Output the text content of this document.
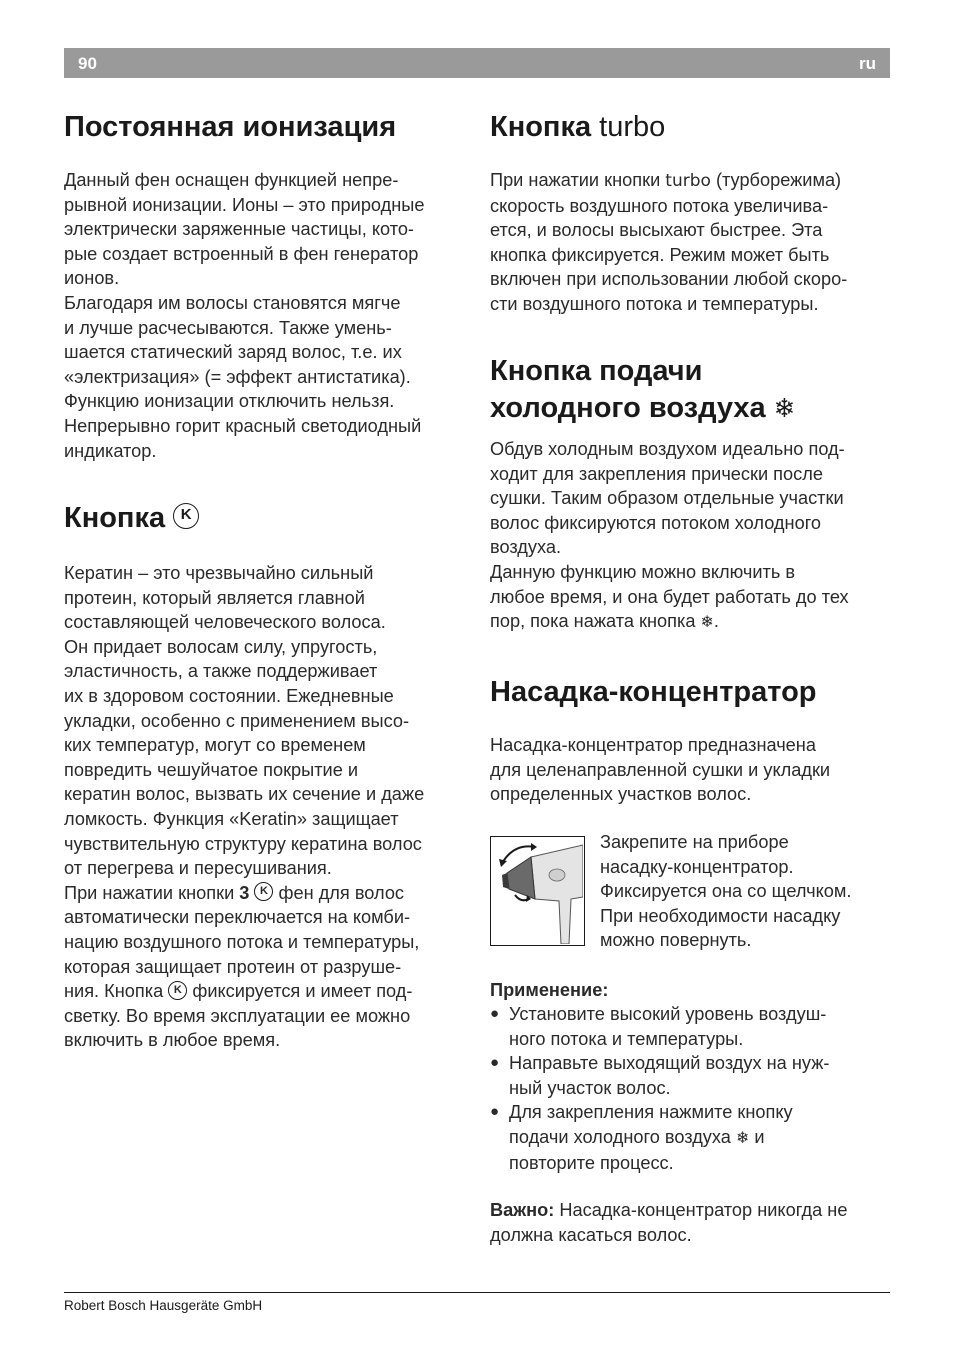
90	ru
Постоянная ионизация

Данный фен оснащен функцией непре-
рывной ионизации. Ионы – это природные
электрически заряженные частицы, кото-
рые создает встроенный в фен генератор
ионов.
Благодаря им волосы становятся мягче
и лучше расчесываются. Также умень-
шается статический заряд волос, т.е. их
«электризация» (= эффект антистатика).
Функцию ионизации отключить нельзя.
Непрерывно горит красный светодиодный
индикатор.

Кнопка K

Кератин – это чрезвычайно сильный
протеин, который является главной
составляющей человеческого волоса.
Он придает волосам силу, упругость,
эластичность, а также поддерживает
их в здоровом состоянии. Ежедневные
укладки, особенно с применением высо-
ких температур, могут со временем
повредить чешуйчатое покрытие и
кератин волос, вызвать их сечение и даже
ломкость. Функция «Keratin» защищает
чувствительную структуру кератина волос
от перегрева и пересушивания.
При нажатии кнопки 3 K фен для волос
автоматически переключается на комби-
нацию воздушного потока и температуры,
которая защищает протеин от разруше-
ния. Кнопка K фиксируется и имеет под-
светку. Во время эксплуатации ее можно
включить в любое время.

Кнопка turbo

При нажатии кнопки turbo (турборежима)
скорость воздушного потока увеличива-
ется, и волосы высыхают быстрее. Эта
кнопка фиксируется. Режим может быть
включен при использовании любой скоро-
сти воздушного потока и температуры.

Кнопка подачи
холодного воздуха ❄

Обдув холодным воздухом идеально под-
ходит для закрепления прически после
сушки. Таким образом отдельные участки
волос фиксируются потоком холодного
воздуха.
Данную функцию можно включить в
любое время, и она будет работать до тех
пор, пока нажата кнопка ❄.

Насадка-концентратор

Насадка-концентратор предназначена
для целенаправленной сушки и укладки
определенных участков волос.

Закрепите на приборе
насадку-концентратор.
Фиксируется она со щелчком.
При необходимости насадку
можно повернуть.

Применение:

● Установите высокий уровень воздуш-
ного потока и температуры.
● Направьте выходящий воздух на нуж-
ный участок волос.
● Для закрепления нажмите кнопку
подачи холодного воздуха ❄ и
повторите процесс.

Важно: Насадка-концентратор никогда не
должна касаться волос.

Robert Bosch Hausgeräte GmbH
